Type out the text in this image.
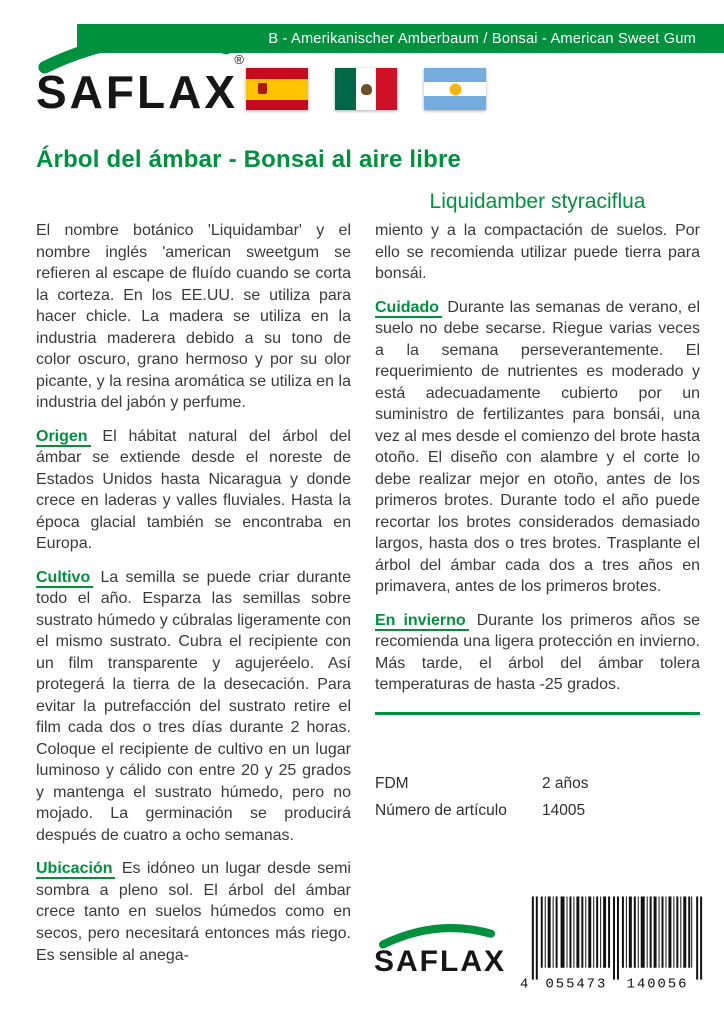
B - Amerikanischer Amberbaum / Bonsai - American Sweet Gum
®
SAFLAX
Árbol del ámbar - Bonsai al aire libre

El nombre botánico 'Liquidambar' y el nombre inglés 'american sweetgum se refieren al escape de fluído cuando se corta la corteza. En los EE.UU. se utiliza para hacer chicle. La madera se utiliza en la industria maderera debido a su tono de color oscuro, grano hermoso y por su olor picante, y la resina aromática se utiliza en la industria del jabón y perfume.

Origen El hábitat natural del árbol del ámbar se extiende desde el noreste de Estados Unidos hasta Nicaragua y donde crece en laderas y valles fluviales. Hasta la época glacial también se encontraba en Europa.

Cultivo La semilla se puede criar durante todo el año. Esparza las semillas sobre sustrato húmedo y cúbralas ligeramente con el mismo sustrato. Cubra el recipiente con un film transparente y agujeréelo. Así protegerá la tierra de la desecación. Para evitar la putrefacción del sustrato retire el film cada dos o tres días durante 2 horas. Coloque el recipiente de cultivo en un lugar luminoso y cálido con entre 20 y 25 grados y mantenga el sustrato húmedo, pero no mojado. La germinación se producirá después de cuatro a ocho semanas.

Ubicación Es idóneo un lugar desde semi sombra a pleno sol. El árbol del ámbar crece tanto en suelos húmedos como en secos, pero necesitará entonces más riego. Es sensible al anega-

Liquidamber styraciflua

miento y a la compactación de suelos. Por ello se recomienda utilizar puede tierra para bonsái.

Cuidado Durante las semanas de verano, el suelo no debe secarse. Riegue varias veces a la semana perseverantemente. El requerimiento de nutrientes es moderado y está adecuadamente cubierto por un suministro de fertilizantes para bonsái, una vez al mes desde el comienzo del brote hasta otoño. El diseño con alambre y el corte lo debe realizar mejor en otoño, antes de los primeros brotes. Durante todo el año puede recortar los brotes considerados demasiado largos, hasta dos o tres brotes. Trasplante el árbol del ámbar cada dos a tres años en primavera, antes de los primeros brotes.

En invierno Durante los primeros años se recomienda una ligera protección en invierno. Más tarde, el árbol del ámbar tolera temperaturas de hasta -25 grados.

FDM	2 años
Número de artículo	14005
SAFLAX
4 055473 140056
